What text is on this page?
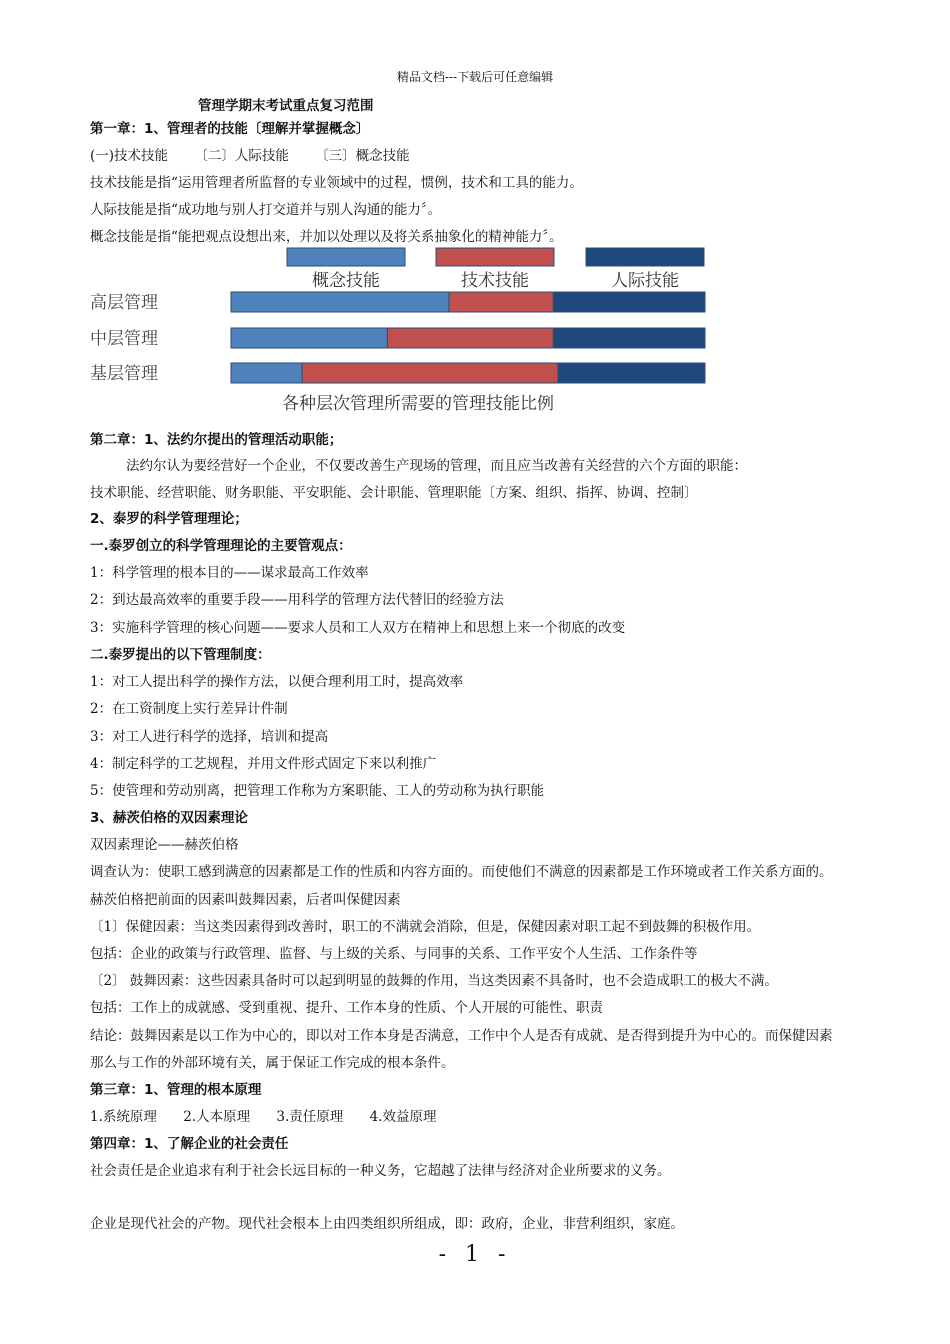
精品文档---下载后可任意编辑
管理学期末考试重点复习范围
第一章：1、管理者的技能〔理解并掌握概念〕
(一)技术技能 〔二〕人际技能 〔三〕概念技能
技术技能是指“运用管理者所监督的专业领域中的过程，惯例，技术和工具的能力。
人际技能是指“成功地与别人打交道并与别人沟通的能力〞。
概念技能是指“能把观点设想出来，并加以处理以及将关系抽象化的精神能力〞。
概念技能	技术技能	人际技能
高层管理
中层管理
基层管理
各种层次管理所需要的管理技能比例
第二章：1、法约尔提出的管理活动职能；
法约尔认为要经营好一个企业，不仅要改善生产现场的管理，而且应当改善有关经营的六个方面的职能：
技术职能、经营职能、财务职能、平安职能、会计职能、管理职能〔方案、组织、指挥、协调、控制〕
2、泰罗的科学管理理论；
一.泰罗创立的科学管理理论的主要管观点：
1：科学管理的根本目的——谋求最高工作效率
2：到达最高效率的重要手段——用科学的管理方法代替旧的经验方法
3：实施科学管理的核心问题——要求人员和工人双方在精神上和思想上来一个彻底的改变
二.泰罗提出的以下管理制度：
1：对工人提出科学的操作方法，以便合理利用工时，提高效率
2：在工资制度上实行差异计件制
3：对工人进行科学的选择，培训和提高
4：制定科学的工艺规程，并用文件形式固定下来以利推广
5：使管理和劳动别离，把管理工作称为方案职能、工人的劳动称为执行职能
3、赫茨伯格的双因素理论
双因素理论——赫茨伯格
调查认为：使职工感到满意的因素都是工作的性质和内容方面的。而使他们不满意的因素都是工作环境或者工作关系方面的。
赫茨伯格把前面的因素叫鼓舞因素，后者叫保健因素
〔1〕保健因素：当这类因素得到改善时，职工的不满就会消除，但是，保健因素对职工起不到鼓舞的积极作用。
包括：企业的政策与行政管理、监督、与上级的关系、与同事的关系、工作平安个人生活、工作条件等
〔2〕 鼓舞因素：这些因素具备时可以起到明显的鼓舞的作用，当这类因素不具备时，也不会造成职工的极大不满。
包括：工作上的成就感、受到重视、提升、工作本身的性质、个人开展的可能性、职责
结论：鼓舞因素是以工作为中心的，即以对工作本身是否满意，工作中个人是否有成就、是否得到提升为中心的。而保健因素
那么与工作的外部环境有关，属于保证工作完成的根本条件。
第三章：1、管理的根本原理
1.系统原理 2.人本原理 3.责任原理 4.效益原理
第四章：1、了解企业的社会责任
社会责任是企业追求有利于社会长远目标的一种义务，它超越了法律与经济对企业所要求的义务。
企业是现代社会的产物。现代社会根本上由四类组织所组成，即：政府，企业，非营利组织，家庭。
- 1 -
